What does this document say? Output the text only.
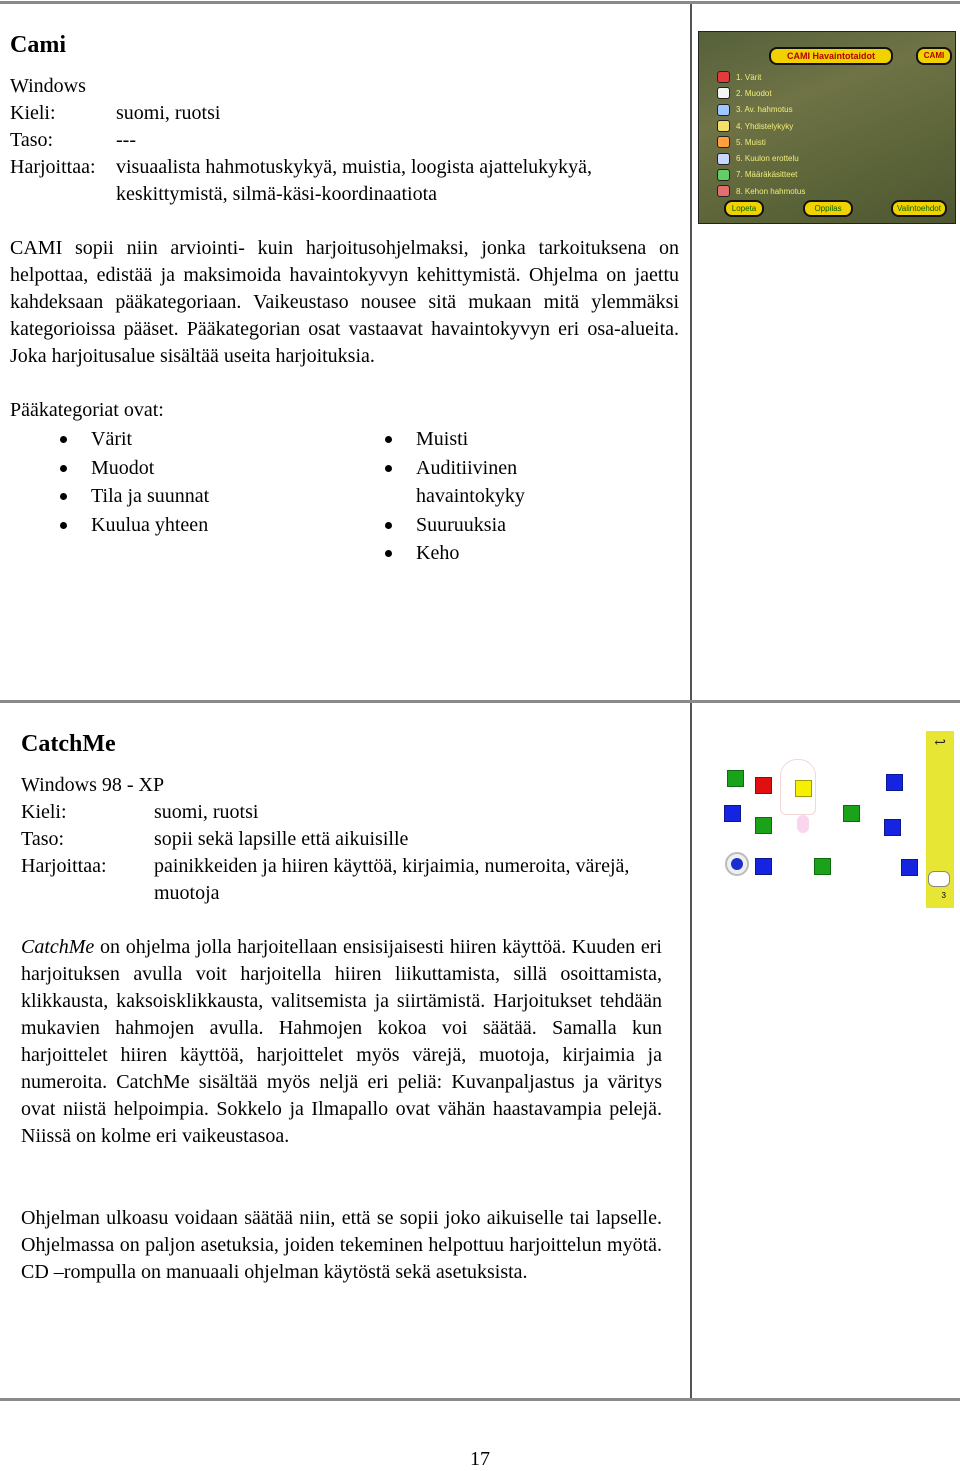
Cami
Windows
Kieli:	suomi, ruotsi
Taso:	---
Harjoittaa:	visuaalista hahmotuskykyä, muistia, loogista ajattelukykyä, keskittymistä, silmä-käsi-koordinaatiota

CAMI sopii niin arviointi- kuin harjoitusohjelmaksi, jonka tarkoituksena on helpottaa, edistää ja maksimoida havaintokyvyn kehittymistä. Ohjelma on jaettu kahdeksaan pääkategoriaan. Vaikeustaso nousee sitä mukaan mitä ylemmäksi kategorioissa pääset. Pääkategorian osat vastaavat havaintokyvyn eri osa-alueita. Joka harjoitusalue sisältää useita harjoituksia.

Pääkategoriat ovat:
Värit
Muodot
Tila ja suunnat
Kuulua yhteen
Muisti
Auditiivinen havaintokyky
Suuruuksia
Keho
CAMI Havaintotaidot	CAMI
1. Värit
2. Muodot
3. Av. hahmotus
4. Yhdistelykyky
5. Muisti
6. Kuulon erottelu
7. Määräkäsitteet
8. Kehon hahmotus
Lopeta	Oppilas	Valintoehdot
CatchMe
Windows 98 - XP
Kieli:	suomi, ruotsi
Taso:	sopii sekä lapsille että aikuisille
Harjoittaa:	painikkeiden ja hiiren käyttöä, kirjaimia, numeroita, värejä, muotoja

CatchMe on ohjelma jolla harjoitellaan ensisijaisesti hiiren käyttöä. Kuuden eri harjoituksen avulla voit harjoitella hiiren liikuttamista, sillä osoittamista, klikkausta, kaksoisklikkausta, valitsemista ja siirtämistä. Harjoitukset tehdään mukavien hahmojen avulla. Hahmojen kokoa voi säätää. Samalla kun harjoittelet hiiren käyttöä, harjoittelet myös värejä, muotoja, kirjaimia ja numeroita. CatchMe sisältää myös neljä eri peliä: Kuvanpaljastus ja väritys ovat niistä helpoimpia. Sokkelo ja Ilmapallo ovat vähän haastavampia pelejä. Niissä on kolme eri vaikeustasoa.

Ohjelman ulkoasu voidaan säätää niin, että se sopii joko aikuiselle tai lapselle. Ohjelmassa on paljon asetuksia, joiden tekeminen helpottuu harjoittelun myötä. CD –rompulla on manuaali ohjelman käytöstä sekä asetuksista.

↩
3
17
